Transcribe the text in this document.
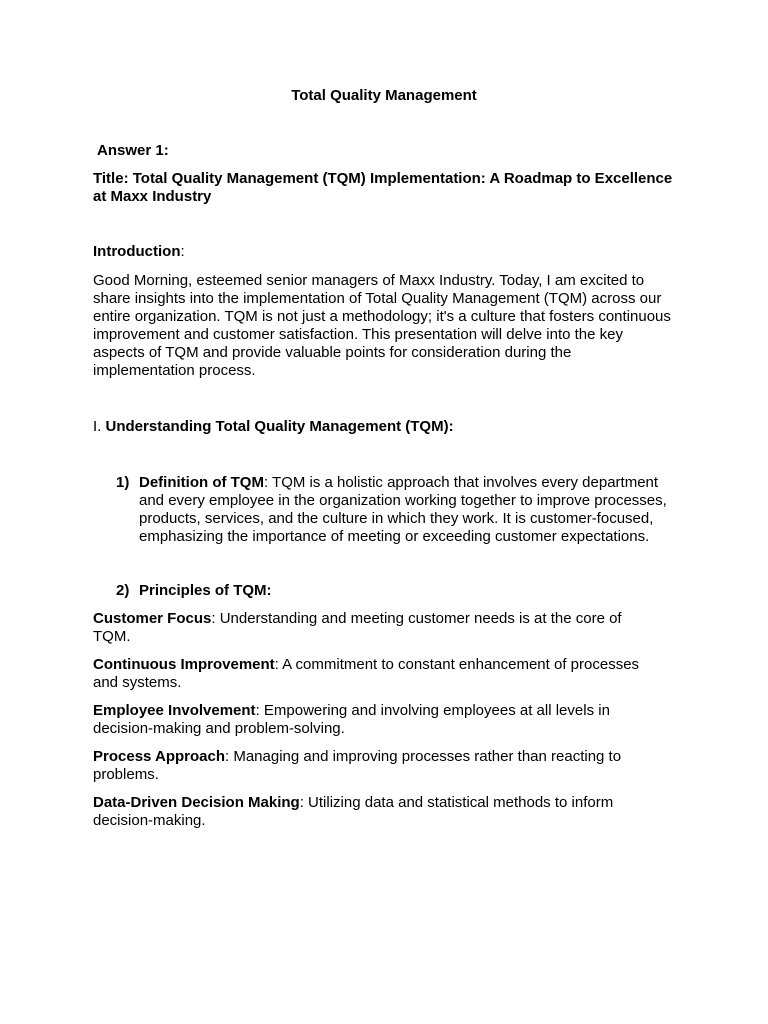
Total Quality Management
Answer 1:
Title: Total Quality Management (TQM) Implementation: A Roadmap to Excellence at Maxx Industry
Introduction:
Good Morning, esteemed senior managers of Maxx Industry. Today, I am excited to share insights into the implementation of Total Quality Management (TQM) across our entire organization. TQM is not just a methodology; it's a culture that fosters continuous improvement and customer satisfaction. This presentation will delve into the key aspects of TQM and provide valuable points for consideration during the implementation process.
I. Understanding Total Quality Management (TQM):
1) Definition of TQM: TQM is a holistic approach that involves every department and every employee in the organization working together to improve processes, products, services, and the culture in which they work. It is customer-focused, emphasizing the importance of meeting or exceeding customer expectations.
2) Principles of TQM:
Customer Focus: Understanding and meeting customer needs is at the core of TQM.
Continuous Improvement: A commitment to constant enhancement of processes and systems.
Employee Involvement: Empowering and involving employees at all levels in decision-making and problem-solving.
Process Approach: Managing and improving processes rather than reacting to problems.
Data-Driven Decision Making: Utilizing data and statistical methods to inform decision-making.
